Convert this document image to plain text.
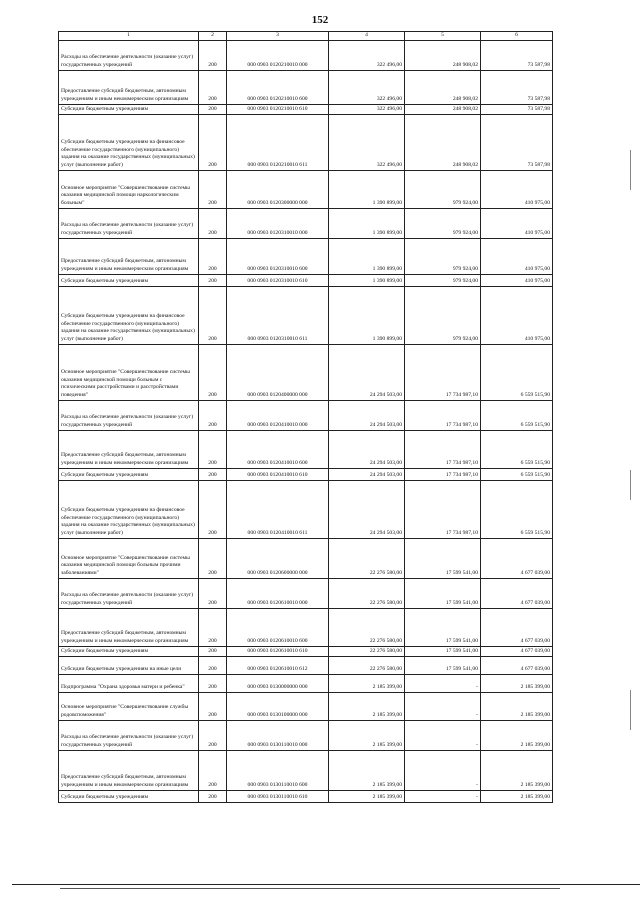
152
1	2	3	4	5	6
Расходы на обеспечение деятельности (оказание услуг) государственных учреждений	200	000 0903 0120210010 000	322 496,00	248 908,02	73 587,98
Предоставление субсидий бюджетным, автономным учреждениям и иным некоммерческим организациям	200	000 0903 0120210010 600	322 496,00	248 908,02	73 587,98
Субсидии бюджетным учреждениям	200	000 0903 0120210010 610	322 496,00	248 908,02	73 587,98
Субсидии бюджетным учреждениям на финансовое обеспечение государственного (муниципального) задания на оказание государственных (муниципальных) услуг (выполнение работ)	200	000 0903 0120210010 611	322 496,00	248 908,02	73 587,98
Основное мероприятие "Совершенствование системы оказания медицинской помощи наркологическим больным"	200	000 0903 0120300000 000	1 390 899,00	979 924,00	410 975,00
Расходы на обеспечение деятельности (оказание услуг) государственных учреждений	200	000 0903 0120310010 000	1 390 899,00	979 924,00	410 975,00
Предоставление субсидий бюджетным, автономным учреждениям и иным некоммерческим организациям	200	000 0903 0120310010 600	1 390 899,00	979 924,00	410 975,00
Субсидии бюджетным учреждениям	200	000 0903 0120310010 610	1 390 899,00	979 924,00	410 975,00
Субсидии бюджетным учреждениям на финансовое обеспечение государственного (муниципального) задания на оказание государственных (муниципальных) услуг (выполнение работ)	200	000 0903 0120310010 611	1 390 899,00	979 924,00	410 975,00
Основное мероприятие "Совершенствование системы оказания медицинской помощи больным с психическими расстройствами и расстройствами поведения"	200	000 0903 0120400000 000	24 294 503,00	17 734 987,10	6 559 515,90
Расходы на обеспечение деятельности (оказание услуг) государственных учреждений	200	000 0903 0120410010 000	24 294 503,00	17 734 987,10	6 559 515,90
Предоставление субсидий бюджетным, автономным учреждениям и иным некоммерческим организациям	200	000 0903 0120410010 600	24 294 503,00	17 734 987,10	6 559 515,90
Субсидии бюджетным учреждениям	200	000 0903 0120410010 610	24 294 503,00	17 734 987,10	6 559 515,90
Субсидии бюджетным учреждениям на финансовое обеспечение государственного (муниципального) задания на оказание государственных (муниципальных) услуг (выполнение работ)	200	000 0903 0120410010 611	24 294 503,00	17 734 987,10	6 559 515,90
Основное мероприятие "Совершенствование системы оказания медицинской помощи больным прочими заболеваниями"	200	000 0903 0120600000 000	22 276 580,00	17 599 541,00	4 677 039,00
Расходы на обеспечение деятельности (оказание услуг) государственных учреждений	200	000 0903 0120610010 000	22 276 580,00	17 599 541,00	4 677 039,00
Предоставление субсидий бюджетным, автономным учреждениям и иным некоммерческим организациям	200	000 0903 0120610010 600	22 276 580,00	17 599 541,00	4 677 039,00
Субсидии бюджетным учреждениям	200	000 0903 0120610010 610	22 276 580,00	17 599 541,00	4 677 039,00
Субсидии бюджетным учреждениям на иные цели	200	000 0903 0120610010 612	22 276 580,00	17 599 541,00	4 677 039,00
Подпрограмма "Охрана здоровья матери и ребенка"	200	000 0903 0130000000 000	2 185 399,00	-	2 185 399,00
Основное мероприятие "Совершенствование службы родовспоможения"	200	000 0903 0130100000 000	2 185 399,00	-	2 185 399,00
Расходы на обеспечение деятельности (оказание услуг) государственных учреждений	200	000 0903 0130110010 000	2 185 399,00	-	2 185 399,00
Предоставление субсидий бюджетным, автономным учреждениям и иным некоммерческим организациям	200	000 0903 0130110010 600	2 185 399,00	-	2 185 399,00
Субсидии бюджетным учреждениям	200	000 0903 0130110010 610	2 185 399,00	-	2 185 399,00
